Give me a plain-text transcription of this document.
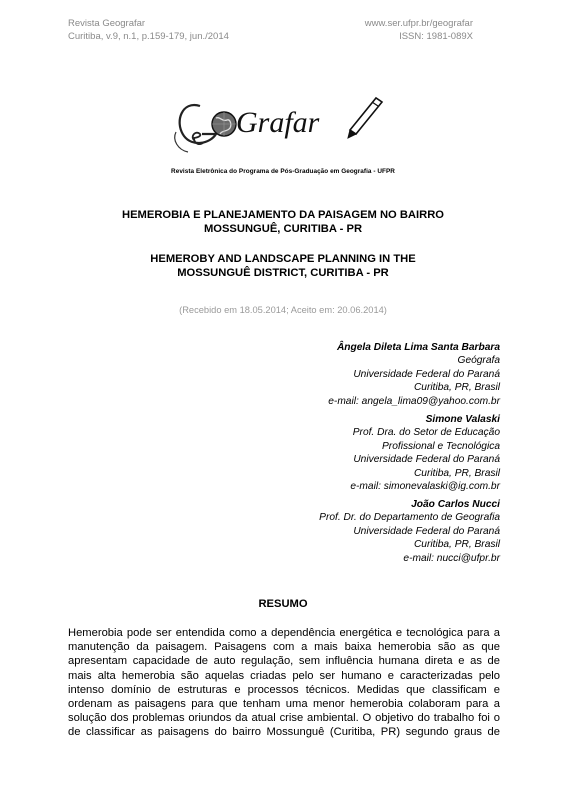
Revista Geografar
Curitiba, v.9, n.1, p.159-179, jun./2014
www.ser.ufpr.br/geografar
ISSN: 1981-089X
Grafar
Revista Eletrônica do Programa de Pós-Graduação em Geografia - UFPR
HEMEROBIA E PLANEJAMENTO DA PAISAGEM NO BAIRRO
MOSSUNGUÊ, CURITIBA - PR
HEMEROBY AND LANDSCAPE PLANNING IN THE
MOSSUNGUÊ DISTRICT, CURITIBA - PR
(Recebido em 18.05.2014; Aceito em: 20.06.2014)
Ângela Dileta Lima Santa Barbara
Geógrafa
Universidade Federal do Paraná
Curitiba, PR, Brasil
e-mail: angela_lima09@yahoo.com.br
Simone Valaski
Prof. Dra. do Setor de Educação
Profissional e Tecnológica
Universidade Federal do Paraná
Curitiba, PR, Brasil
e-mail: simonevalaski@ig.com.br
João Carlos Nucci
Prof. Dr. do Departamento de Geografia
Universidade Federal do Paraná
Curitiba, PR, Brasil
e-mail: nucci@ufpr.br
RESUMO
Hemerobia pode ser entendida como a dependência energética e tecnológica para a
manutenção da paisagem. Paisagens com a mais baixa hemerobia são as que
apresentam capacidade de auto regulação, sem influência humana direta e as de
mais alta hemerobia são aquelas criadas pelo ser humano e caracterizadas pelo
intenso domínio de estruturas e processos técnicos. Medidas que classificam e
ordenam as paisagens para que tenham uma menor hemerobia colaboram para a
solução dos problemas oriundos da atual crise ambiental. O objetivo do trabalho foi o
de classificar as paisagens do bairro Mossunguê (Curitiba, PR) segundo graus de
